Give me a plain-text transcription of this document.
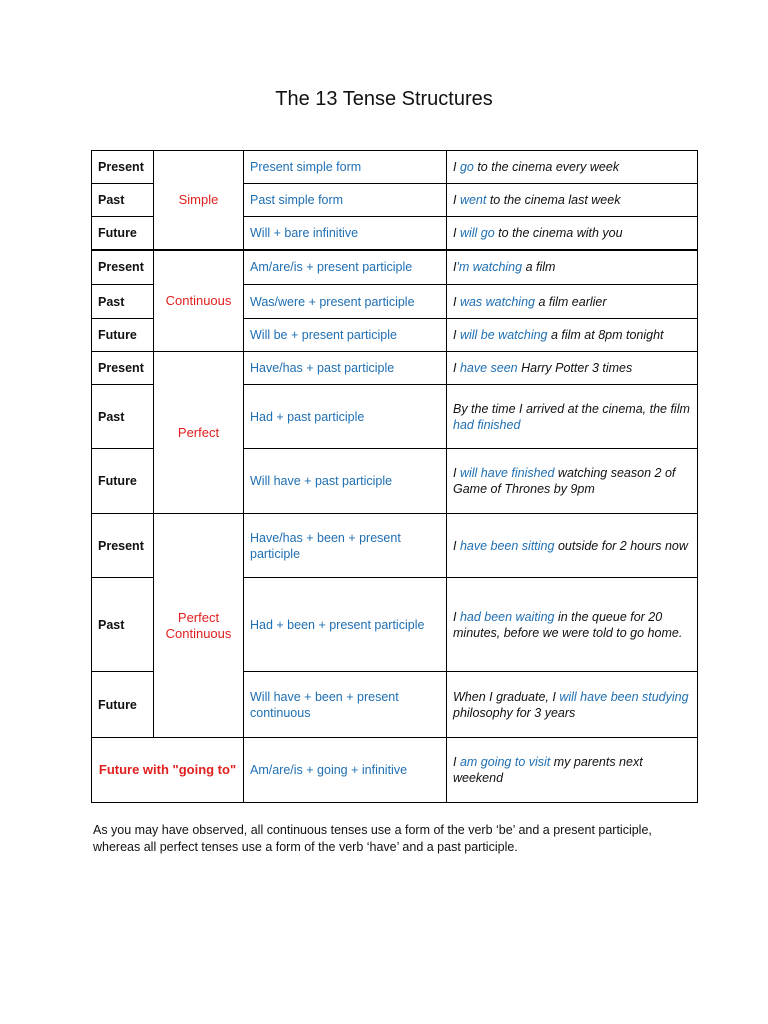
The 13 Tense Structures
Present	Simple	Present simple form	I go to the cinema every week
Past		Past simple form	I went to the cinema last week
Future		Will + bare infinitive	I will go to the cinema with you
Present	Continuous	Am/are/is + present participle	I'm watching a film
Past		Was/were + present participle	I was watching a film earlier
Future		Will be + present participle	I will be watching a film at 8pm tonight
Present	Perfect	Have/has + past participle	I have seen Harry Potter 3 times
Past		Had + past participle	By the time I arrived at the cinema, the film had finished
Future		Will have + past participle	I will have finished watching season 2 of Game of Thrones by 9pm
Present	Perfect Continuous	Have/has + been + present participle	I have been sitting outside for 2 hours now
Past		Had + been + present participle	I had been waiting in the queue for 20 minutes, before we were told to go home.
Future		Will have + been + present continuous	When I graduate, I will have been studying philosophy for 3 years
Future with "going to"		Am/are/is + going + infinitive	I am going to visit my parents next weekend
As you may have observed, all continuous tenses use a form of the verb ‘be’ and a present participle, whereas all perfect tenses use a form of the verb ‘have’ and a past participle.
